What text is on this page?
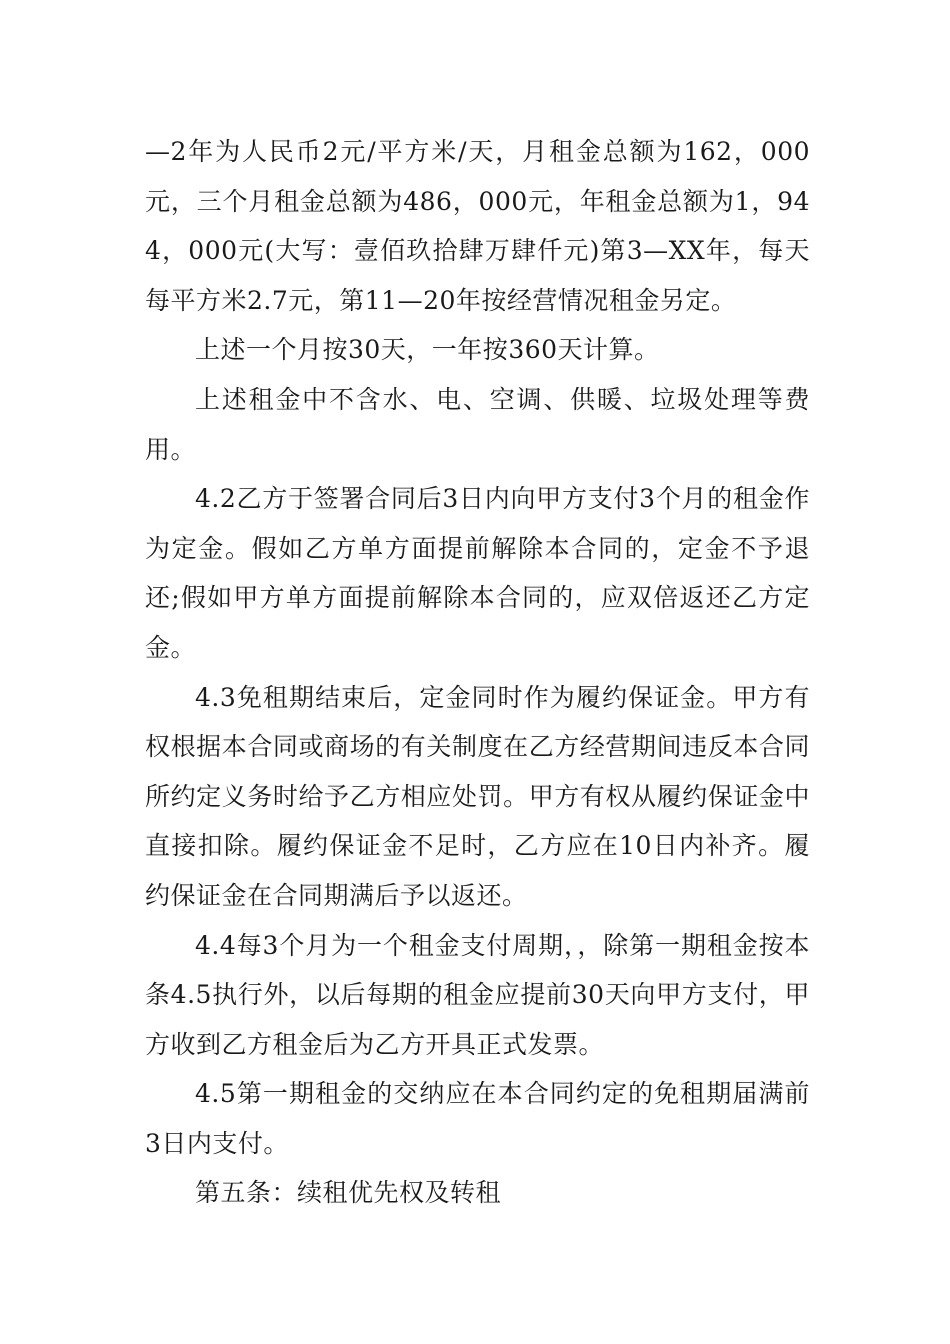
—2年为人民币2元/平方米/天，月租金总额为162，000元，三个月租金总额为486，000元，年租金总额为1，944，000元(大写：壹佰玖拾肆万肆仟元)第3—XX年，每天每平方米2.7元，第11—20年按经营情况租金另定。

上述一个月按30天，一年按360天计算。

上述租金中不含水、电、空调、供暖、垃圾处理等费用。

4.2乙方于签署合同后3日内向甲方支付3个月的租金作为定金。假如乙方单方面提前解除本合同的，定金不予退还;假如甲方单方面提前解除本合同的，应双倍返还乙方定金。

4.3免租期结束后，定金同时作为履约保证金。甲方有权根据本合同或商场的有关制度在乙方经营期间违反本合同所约定义务时给予乙方相应处罚。甲方有权从履约保证金中直接扣除。履约保证金不足时，乙方应在10日内补齐。履约保证金在合同期满后予以返还。

4.4每3个月为一个租金支付周期，，除第一期租金按本条4.5执行外，以后每期的租金应提前30天向甲方支付，甲方收到乙方租金后为乙方开具正式发票。

4.5第一期租金的交纳应在本合同约定的免租期届满前3日内支付。

第五条：续租优先权及转租
